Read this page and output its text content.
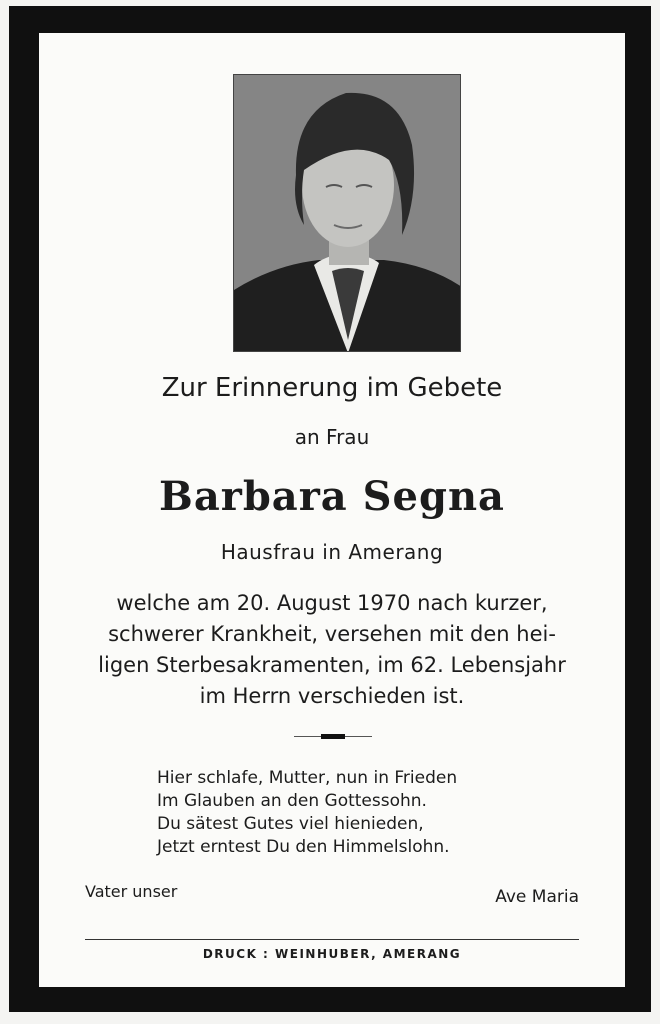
Zur Erinnerung im Gebete
an Frau
Barbara Segna
Hausfrau in Amerang
welche am 20. August 1970 nach kurzer,
schwerer Krankheit, versehen mit den hei-
ligen Sterbesakramenten, im 62. Lebensjahr
im Herrn verschieden ist.
Hier schlafe, Mutter, nun in Frieden
Im Glauben an den Gottessohn.
Du sätest Gutes viel hienieden,
Jetzt erntest Du den Himmelslohn.
Vater unser	Ave Maria
DRUCK : WEINHUBER, AMERANG
